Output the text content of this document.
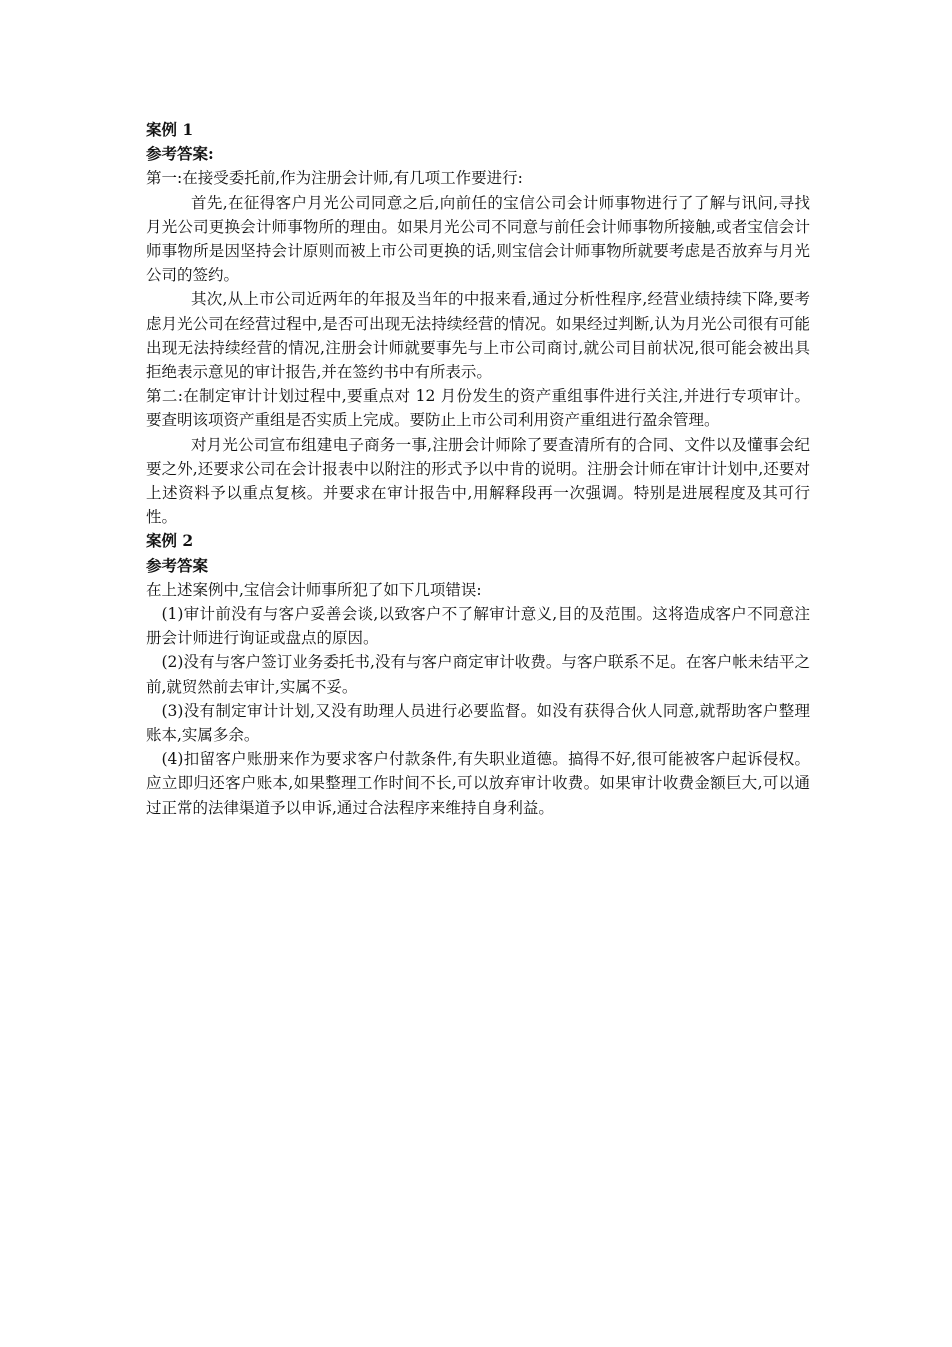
案例 1

参考答案:

第一:在接受委托前,作为注册会计师,有几项工作要进行:

首先,在征得客户月光公司同意之后,向前任的宝信公司会计师事物进行了了解与讯问,寻找月光公司更换会计师事物所的理由。如果月光公司不同意与前任会计师事物所接触,或者宝信会计师事物所是因坚持会计原则而被上市公司更换的话,则宝信会计师事物所就要考虑是否放弃与月光公司的签约。

其次,从上市公司近两年的年报及当年的中报来看,通过分析性程序,经营业绩持续下降,要考虑月光公司在经营过程中,是否可出现无法持续经营的情况。如果经过判断,认为月光公司很有可能出现无法持续经营的情况,注册会计师就要事先与上市公司商讨,就公司目前状况,很可能会被出具拒绝表示意见的审计报告,并在签约书中有所表示。

第二:在制定审计计划过程中,要重点对 12 月份发生的资产重组事件进行关注,并进行专项审计。要查明该项资产重组是否实质上完成。要防止上市公司利用资产重组进行盈余管理。

对月光公司宣布组建电子商务一事,注册会计师除了要查清所有的合同、文件以及懂事会纪要之外,还要求公司在会计报表中以附注的形式予以中肯的说明。注册会计师在审计计划中,还要对上述资料予以重点复核。并要求在审计报告中,用解释段再一次强调。特别是进展程度及其可行性。

案例 2

参考答案

在上述案例中,宝信会计师事所犯了如下几项错误:

(1)审计前没有与客户妥善会谈,以致客户不了解审计意义,目的及范围。这将造成客户不同意注册会计师进行询证或盘点的原因。

(2)没有与客户签订业务委托书,没有与客户商定审计收费。与客户联系不足。在客户帐未结平之前,就贸然前去审计,实属不妥。

(3)没有制定审计计划,又没有助理人员进行必要监督。如没有获得合伙人同意,就帮助客户整理账本,实属多余。

(4)扣留客户账册来作为要求客户付款条件,有失职业道德。搞得不好,很可能被客户起诉侵权。应立即归还客户账本,如果整理工作时间不长,可以放弃审计收费。如果审计收费金额巨大,可以通过正常的法律渠道予以申诉,通过合法程序来维持自身利益。
